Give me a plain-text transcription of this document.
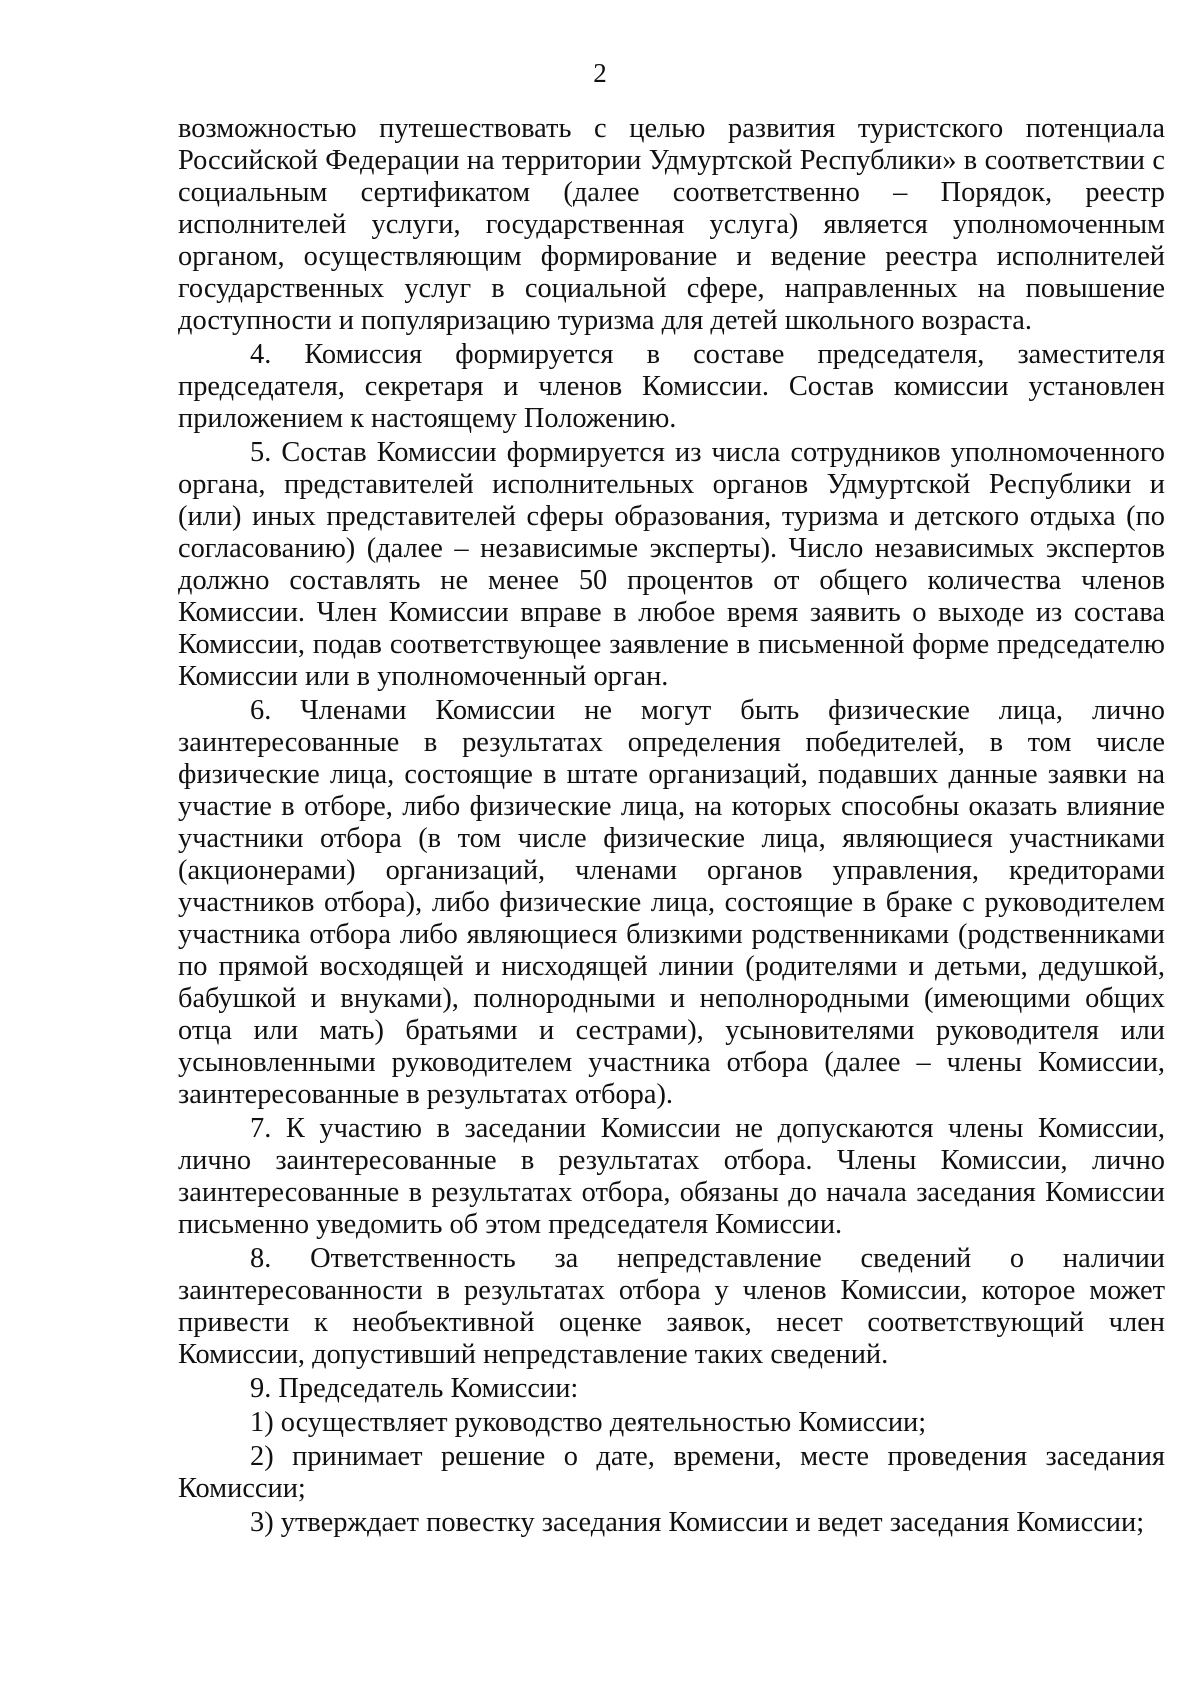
2

возможностью путешествовать с целью развития туристского потенциала Российской Федерации на территории Удмуртской Республики» в соответствии с социальным сертификатом (далее соответственно – Порядок, реестр исполнителей услуги, государственная услуга) является уполномоченным органом, осуществляющим формирование и ведение реестра исполнителей государственных услуг в социальной сфере, направленных на повышение доступности и популяризацию туризма для детей школьного возраста.

4. Комиссия формируется в составе председателя, заместителя председателя, секретаря и членов Комиссии. Состав комиссии установлен приложением к настоящему Положению.

5. Состав Комиссии формируется из числа сотрудников уполномоченного органа, представителей исполнительных органов Удмуртской Республики и (или) иных представителей сферы образования, туризма и детского отдыха (по согласованию) (далее – независимые эксперты). Число независимых экспертов должно составлять не менее 50 процентов от общего количества членов Комиссии. Член Комиссии вправе в любое время заявить о выходе из состава Комиссии, подав соответствующее заявление в письменной форме председателю Комиссии или в уполномоченный орган.

6. Членами Комиссии не могут быть физические лица, лично заинтересованные в результатах определения победителей, в том числе физические лица, состоящие в штате организаций, подавших данные заявки на участие в отборе, либо физические лица, на которых способны оказать влияние участники отбора (в том числе физические лица, являющиеся участниками (акционерами) организаций, членами органов управления, кредиторами участников отбора), либо физические лица, состоящие в браке с руководителем участника отбора либо являющиеся близкими родственниками (родственниками по прямой восходящей и нисходящей линии (родителями и детьми, дедушкой, бабушкой и внуками), полнородными и неполнородными (имеющими общих отца или мать) братьями и сестрами), усыновителями руководителя или усыновленными руководителем участника отбора (далее – члены Комиссии, заинтересованные в результатах отбора).

7. К участию в заседании Комиссии не допускаются члены Комиссии, лично заинтересованные в результатах отбора. Члены Комиссии, лично заинтересованные в результатах отбора, обязаны до начала заседания Комиссии письменно уведомить об этом председателя Комиссии.

8. Ответственность за непредставление сведений о наличии заинтересованности в результатах отбора у членов Комиссии, которое может привести к необъективной оценке заявок, несет соответствующий член Комиссии, допустивший непредставление таких сведений.

9. Председатель Комиссии:

1) осуществляет руководство деятельностью Комиссии;

2) принимает решение о дате, времени, месте проведения заседания Комиссии;

3) утверждает повестку заседания Комиссии и ведет заседания Комиссии;
